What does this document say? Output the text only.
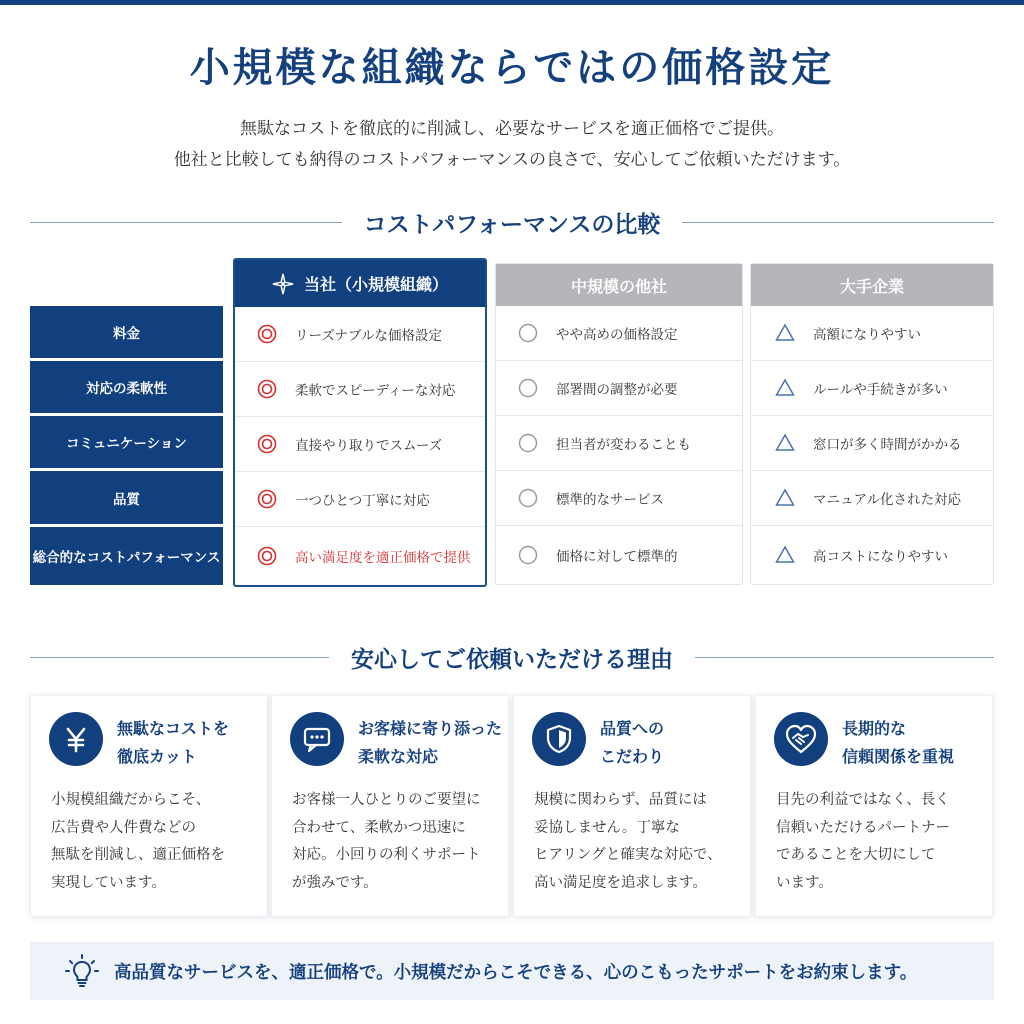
小規模な組織ならではの価格設定

無駄なコストを徹底的に削減し、必要なサービスを適正価格でご提供。

他社と比較しても納得のコストパフォーマンスの良さで、安心してご依頼いただけます。

コストパフォーマンスの比較
料金
対応の柔軟性
コミュニケーション
品質
総合的なコストパフォーマンス
当社（小規模組織）
リーズナブルな価格設定
柔軟でスピーディーな対応
直接やり取りでスムーズ
一つひとつ丁寧に対応
高い満足度を適正価格で提供
中規模の他社
やや高めの価格設定
部署間の調整が必要
担当者が変わることも
標準的なサービス
価格に対して標準的
大手企業
高額になりやすい
ルールや手続きが多い
窓口が多く時間がかかる
マニュアル化された対応
高コストになりやすい
安心してご依頼いただける理由
無駄なコストを
徹底カット
小規模組織だからこそ、
広告費や人件費などの
無駄を削減し、適正価格を
実現しています。
お客様に寄り添った
柔軟な対応
お客様一人ひとりのご要望に
合わせて、柔軟かつ迅速に
対応。小回りの利くサポート
が強みです。
品質への
こだわり
規模に関わらず、品質には
妥協しません。丁寧な
ヒアリングと確実な対応で、
高い満足度を追求します。
長期的な
信頼関係を重視
目先の利益ではなく、長く
信頼いただけるパートナー
であることを大切にして
います。
高品質なサービスを、適正価格で。小規模だからこそできる、心のこもったサポートをお約束します。
